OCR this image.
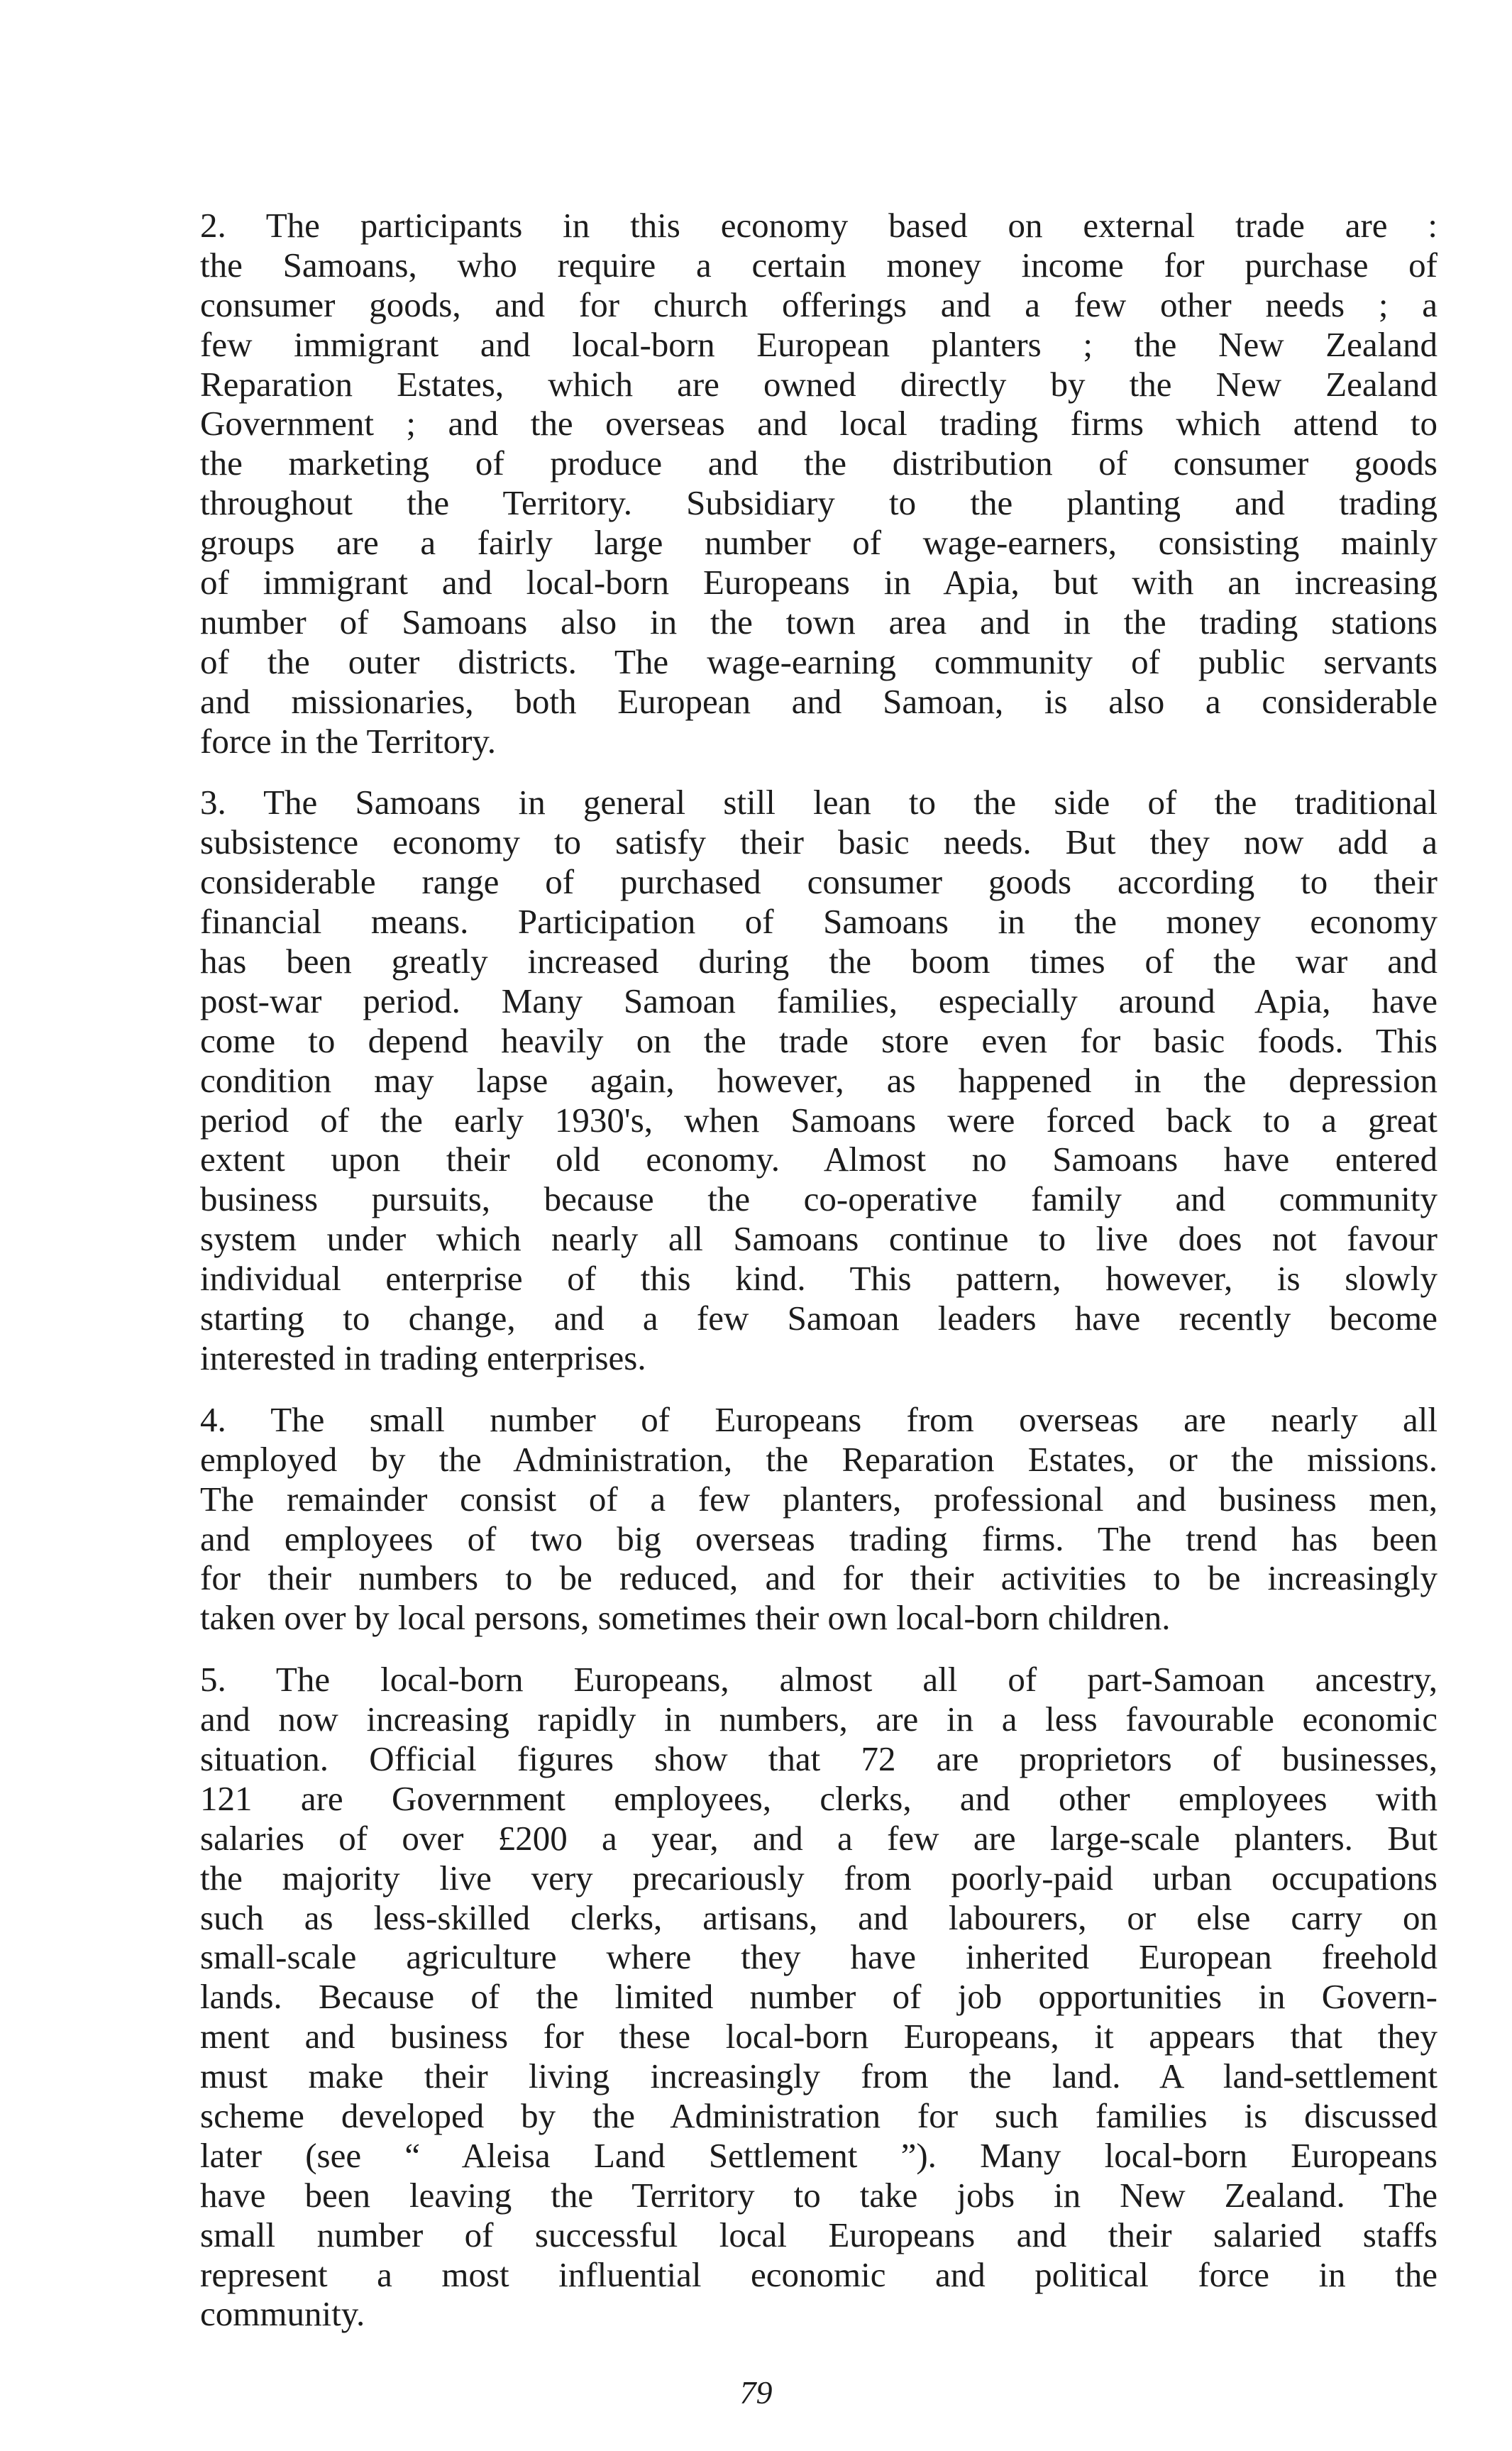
2. The participants in this economy based on external trade are :
the Samoans, who require a certain money income for purchase of
consumer goods, and for church offerings and a few other needs ; a
few immigrant and local-born European planters ; the New Zealand
Reparation Estates, which are owned directly by the New Zealand
Government ; and the overseas and local trading firms which attend to
the marketing of produce and the distribution of consumer goods
throughout the Territory. Subsidiary to the planting and trading
groups are a fairly large number of wage-earners, consisting mainly
of immigrant and local-born Europeans in Apia, but with an increasing
number of Samoans also in the town area and in the trading stations
of the outer districts. The wage-earning community of public servants
and missionaries, both European and Samoan, is also a considerable
force in the Territory.
3. The Samoans in general still lean to the side of the traditional
subsistence economy to satisfy their basic needs. But they now add a
considerable range of purchased consumer goods according to their
financial means. Participation of Samoans in the money economy
has been greatly increased during the boom times of the war and
post-war period. Many Samoan families, especially around Apia, have
come to depend heavily on the trade store even for basic foods. This
condition may lapse again, however, as happened in the depression
period of the early 1930's, when Samoans were forced back to a great
extent upon their old economy. Almost no Samoans have entered
business pursuits, because the co-operative family and community
system under which nearly all Samoans continue to live does not favour
individual enterprise of this kind. This pattern, however, is slowly
starting to change, and a few Samoan leaders have recently become
interested in trading enterprises.
4. The small number of Europeans from overseas are nearly all
employed by the Administration, the Reparation Estates, or the missions.
The remainder consist of a few planters, professional and business men,
and employees of two big overseas trading firms. The trend has been
for their numbers to be reduced, and for their activities to be increasingly
taken over by local persons, sometimes their own local-born children.
5. The local-born Europeans, almost all of part-Samoan ancestry,
and now increasing rapidly in numbers, are in a less favourable economic
situation. Official figures show that 72 are proprietors of businesses,
121 are Government employees, clerks, and other employees with
salaries of over £200 a year, and a few are large-scale planters. But
the majority live very precariously from poorly-paid urban occupations
such as less-skilled clerks, artisans, and labourers, or else carry on
small-scale agriculture where they have inherited European freehold
lands. Because of the limited number of job opportunities in Govern-
ment and business for these local-born Europeans, it appears that they
must make their living increasingly from the land. A land-settlement
scheme developed by the Administration for such families is discussed
later (see “ Aleisa Land Settlement ”). Many local-born Europeans
have been leaving the Territory to take jobs in New Zealand. The
small number of successful local Europeans and their salaried staffs
represent a most influential economic and political force in the
community.
79
